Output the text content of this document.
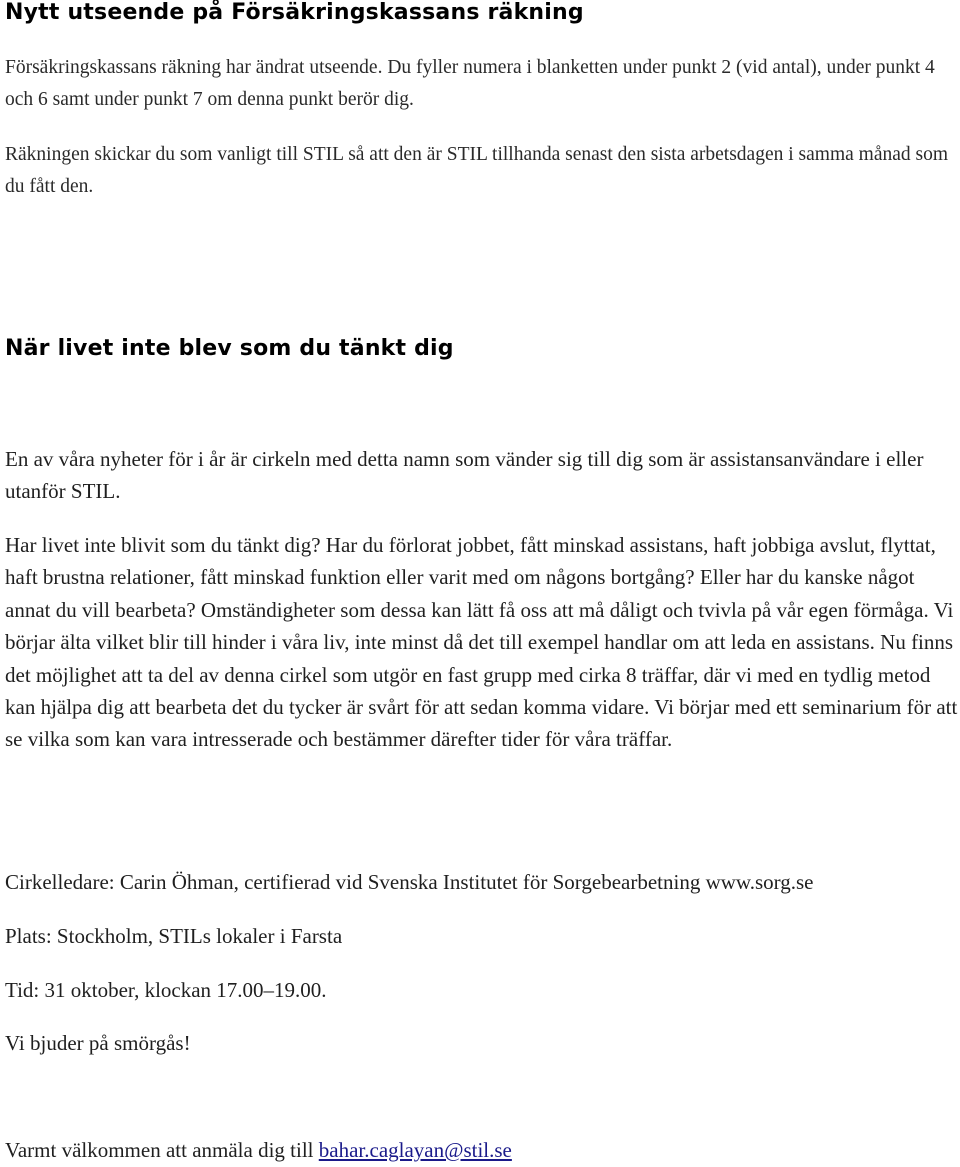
Nytt utseende på Försäkringskassans räkning

Försäkringskassans räkning har ändrat utseende. Du fyller numera i blanketten under punkt 2 (vid antal), under punkt 4 och 6 samt under punkt 7 om denna punkt berör dig.

Räkningen skickar du som vanligt till STIL så att den är STIL tillhanda senast den sista arbetsdagen i samma månad som du fått den.

När livet inte blev som du tänkt dig

En av våra nyheter för i år är cirkeln med detta namn som vänder sig till dig som är assistansanvändare i eller utanför STIL.

Har livet inte blivit som du tänkt dig? Har du förlorat jobbet, fått minskad assistans, haft jobbiga avslut, flyttat, haft brustna relationer, fått minskad funktion eller varit med om någons bortgång? Eller har du kanske något annat du vill bearbeta? Omständigheter som dessa kan lätt få oss att må dåligt och tvivla på vår egen förmåga. Vi börjar älta vilket blir till hinder i våra liv, inte minst då det till exempel handlar om att leda en assistans. Nu finns det möjlighet att ta del av denna cirkel som utgör en fast grupp med cirka 8 träffar, där vi med en tydlig metod kan hjälpa dig att bearbeta det du tycker är svårt för att sedan komma vidare. Vi börjar med ett seminarium för att se vilka som kan vara intresserade och bestämmer därefter tider för våra träffar.

Cirkelledare: Carin Öhman, certifierad vid Svenska Institutet för Sorgebearbetning www.sorg.se

Plats: Stockholm, STILs lokaler i Farsta

Tid: 31 oktober, klockan 17.00–19.00.

Vi bjuder på smörgås!

Varmt välkommen att anmäla dig till bahar.caglayan@stil.se
